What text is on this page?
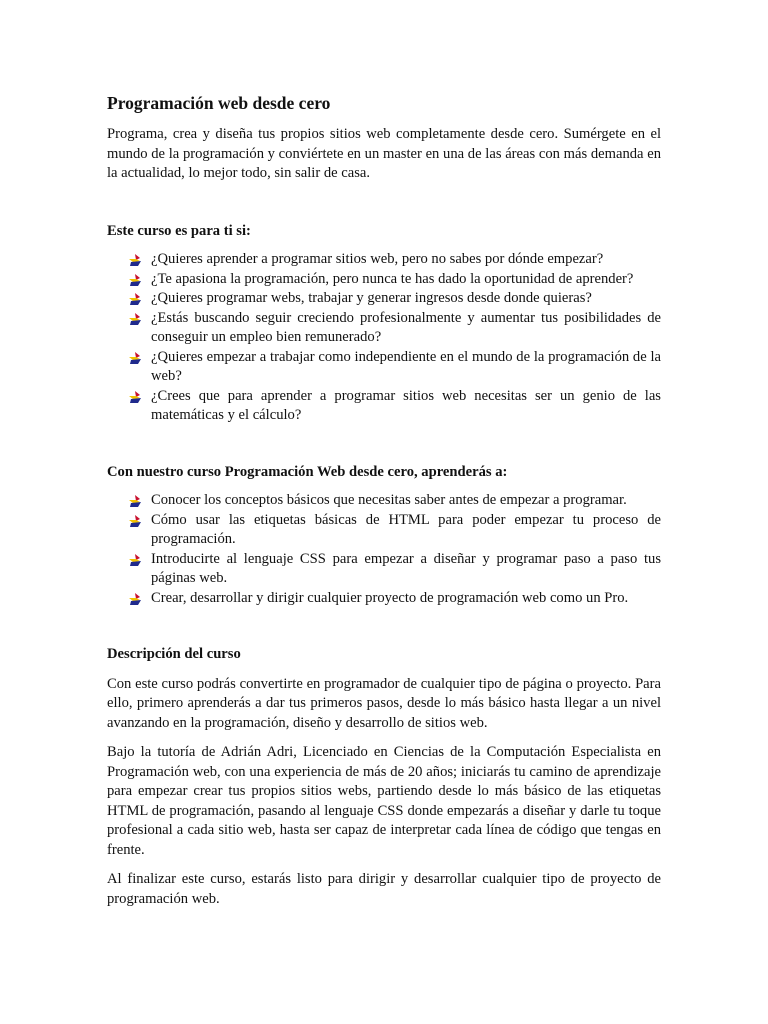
Programación web desde cero

Programa, crea y diseña tus propios sitios web completamente desde cero. Sumérgete en el mundo de la programación y conviértete en un master en una de las áreas con más demanda en la actualidad, lo mejor todo, sin salir de casa.

Este curso es para ti si:

¿Quieres aprender a programar sitios web, pero no sabes por dónde empezar?
¿Te apasiona la programación, pero nunca te has dado la oportunidad de aprender?
¿Quieres programar webs, trabajar y generar ingresos desde donde quieras?
¿Estás buscando seguir creciendo profesionalmente y aumentar tus posibilidades de conseguir un empleo bien remunerado?
¿Quieres empezar a trabajar como independiente en el mundo de la programación de la web?
¿Crees que para aprender a programar sitios web necesitas ser un genio de las matemáticas y el cálculo?

Con nuestro curso Programación Web desde cero, aprenderás a:

Conocer los conceptos básicos que necesitas saber antes de empezar a programar.
Cómo usar las etiquetas básicas de HTML para poder empezar tu proceso de programación.
Introducirte al lenguaje CSS para empezar a diseñar y programar paso a paso tus páginas web.
Crear, desarrollar y dirigir cualquier proyecto de programación web como un Pro.

Descripción del curso

Con este curso podrás convertirte en programador de cualquier tipo de página o proyecto. Para ello, primero aprenderás a dar tus primeros pasos, desde lo más básico hasta llegar a un nivel avanzando en la programación, diseño y desarrollo de sitios web.

Bajo la tutoría de Adrián Adri, Licenciado en Ciencias de la Computación Especialista en Programación web, con una experiencia de más de 20 años; iniciarás tu camino de aprendizaje para empezar crear tus propios sitios webs, partiendo desde lo más básico de las etiquetas HTML de programación, pasando al lenguaje CSS donde empezarás a diseñar y darle tu toque profesional a cada sitio web, hasta ser capaz de interpretar cada línea de código que tengas en frente.

Al finalizar este curso, estarás listo para dirigir y desarrollar cualquier tipo de proyecto de programación web.
